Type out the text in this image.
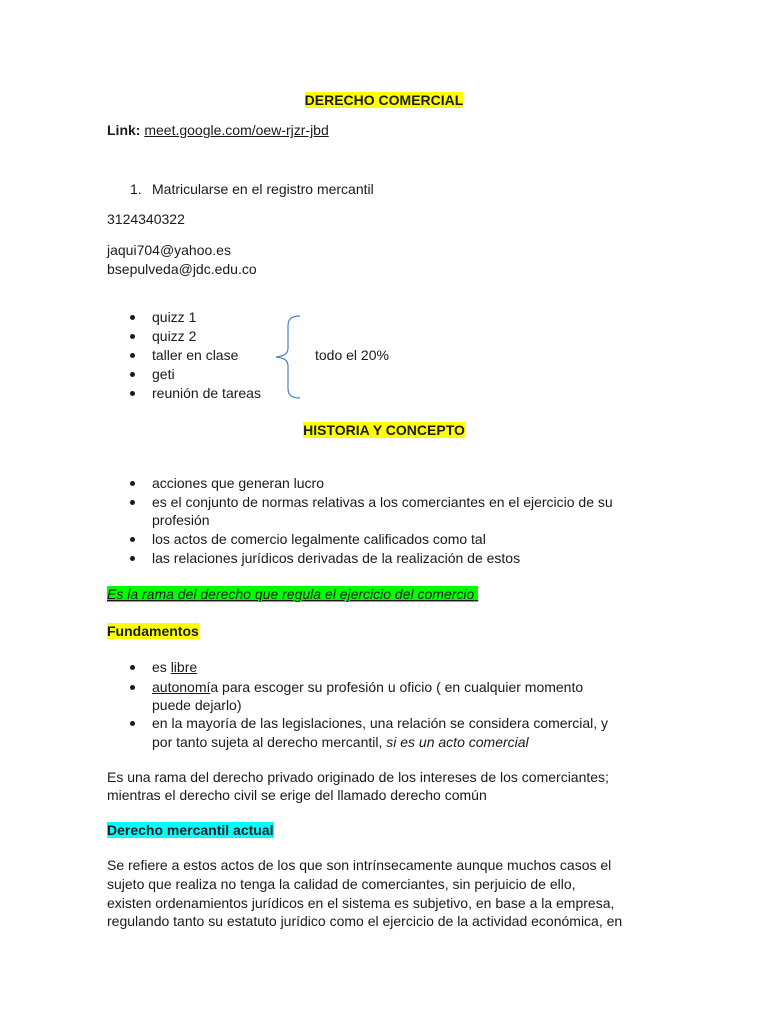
DERECHO COMERCIAL
Link: meet.google.com/oew-rjzr-jbd
1. Matricularse en el registro mercantil
3124340322
jaqui704@yahoo.es
bsepulveda@jdc.edu.co
quizz 1
quizz 2
taller en clase
geti
reunión de tareas
todo el 20%
HISTORIA Y CONCEPTO
acciones que generan lucro
es el conjunto de normas relativas a los comerciantes en el ejercicio de su
profesión
los actos de comercio legalmente calificados como tal
las relaciones jurídicos derivadas de la realización de estos
Es la rama del derecho que regula el ejercicio del comercio
Fundamentos
es libre
autonomía para escoger su profesión u oficio ( en cualquier momento
puede dejarlo)
en la mayoría de las legislaciones, una relación se considera comercial, y
por tanto sujeta al derecho mercantil, si es un acto comercial
Es una rama del derecho privado originado de los intereses de los comerciantes;
mientras el derecho civil se erige del llamado derecho común
Derecho mercantil actual
Se refiere a estos actos de los que son intrínsecamente aunque muchos casos el
sujeto que realiza no tenga la calidad de comerciantes, sin perjuicio de ello,
existen ordenamientos jurídicos en el sistema es subjetivo, en base a la empresa,
regulando tanto su estatuto jurídico como el ejercicio de la actividad económica, en
